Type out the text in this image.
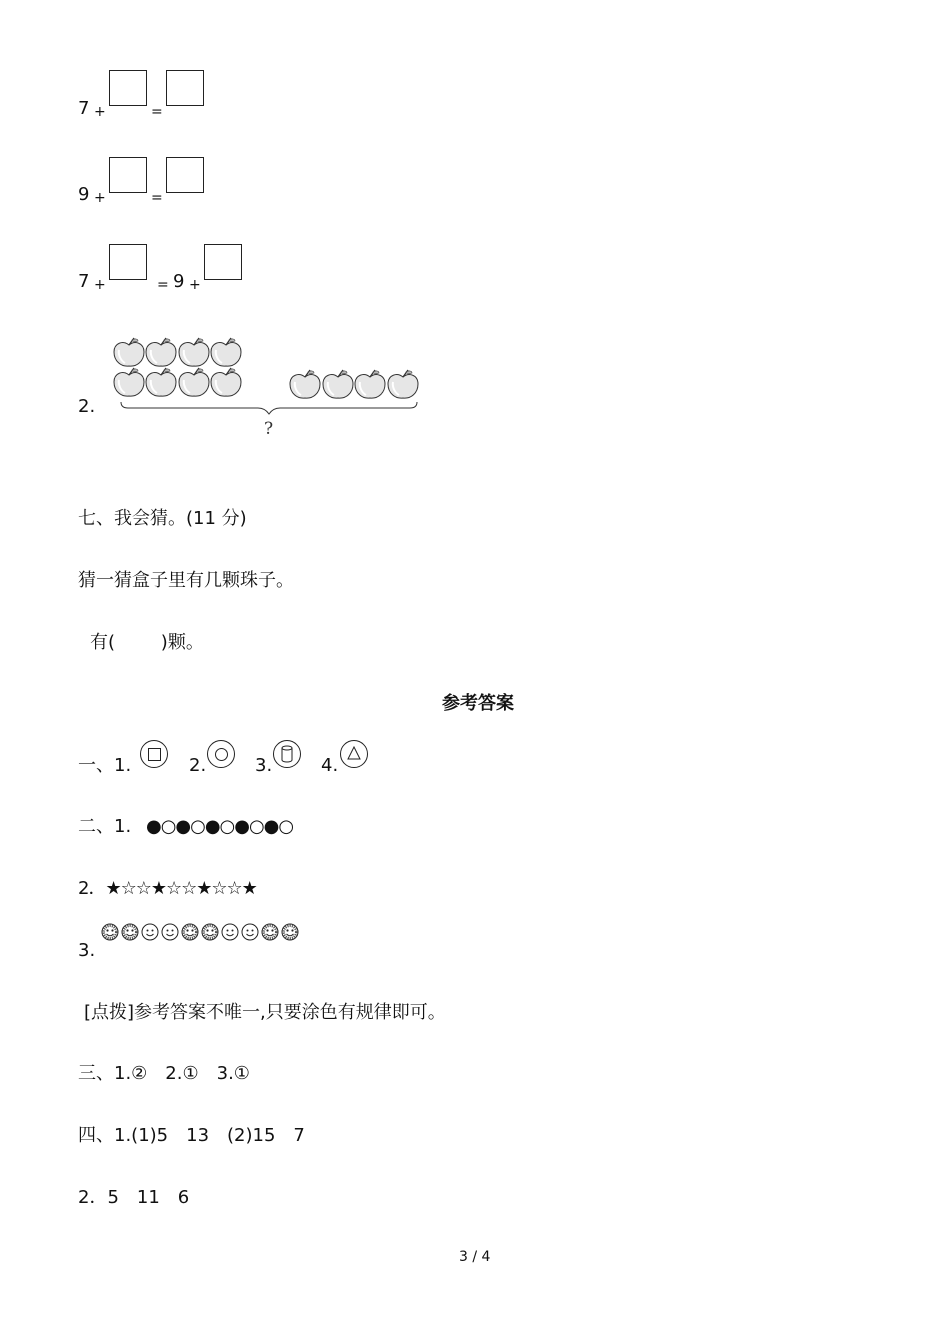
7 +	=
9 +	=
7 +	= 9 +
2.
?
七、我会猜。(11 分)
猜一猜盒子里有几颗珠子。
有(        )颗。
参考答案
一、1.	2.	3.	4.
二、1. ●○●○●○●○●○
2．★☆☆★☆☆★☆☆★
3.
[点拨]参考答案不唯一,只要涂色有规律即可。
三、1.②　2.①　3.①
四、1.(1)5　13　(2)15　7
2．5　11　6
3 / 4
